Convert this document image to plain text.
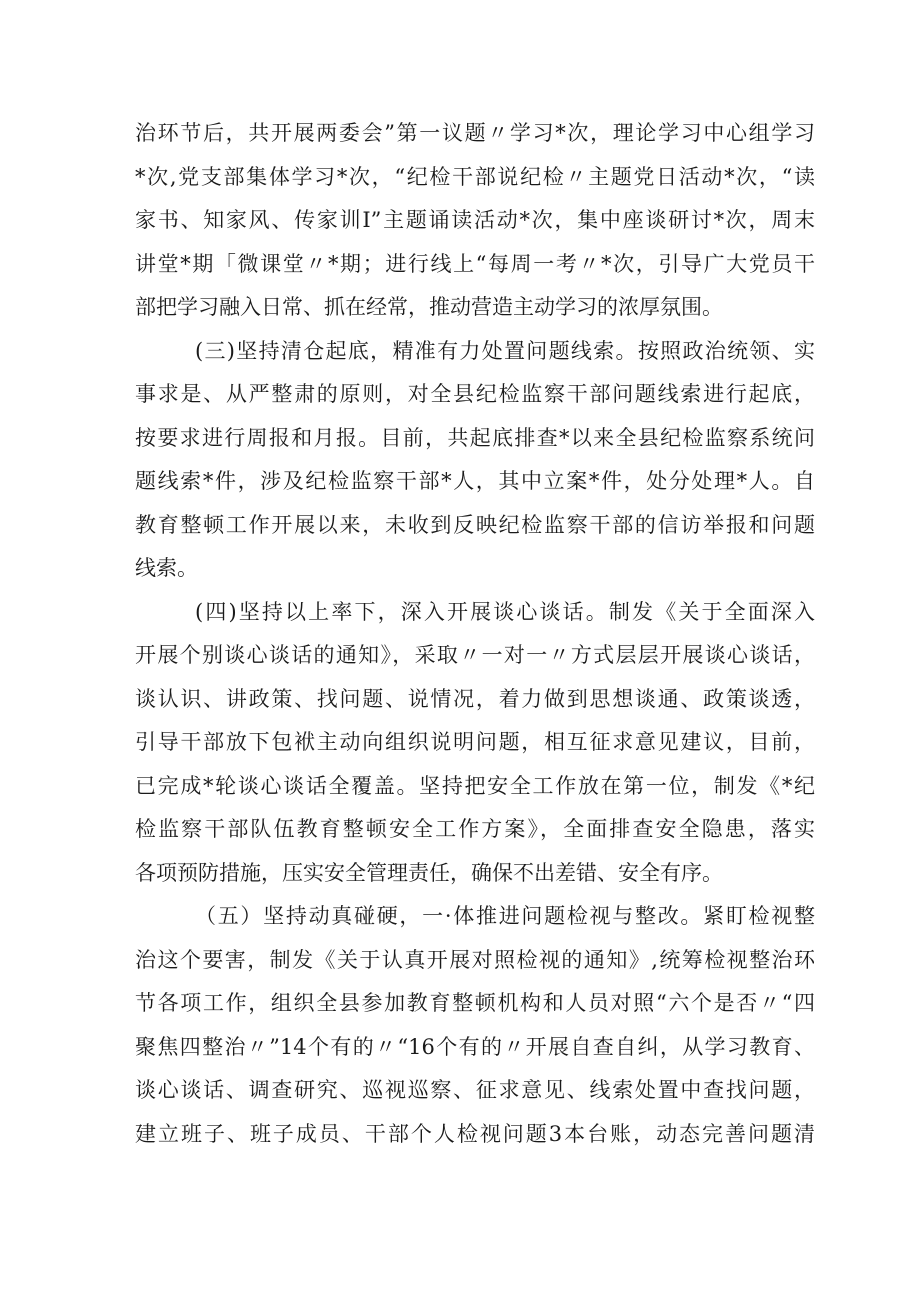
治环节后，共开展两委会”第一议题〃学习*次，理论学习中心组学习
*次,党支部集体学习*次，“纪检干部说纪检〃主题党日活动*次，“读
家书、知家风、传家训I”主题诵读活动*次，集中座谈研讨*次，周末
讲堂*期「微课堂〃*期；进行线上“每周一考〃*次，引导广大党员干
部把学习融入日常、抓在经常，推动营造主动学习的浓厚氛围。
(三)坚持清仓起底，精准有力处置问题线索。按照政治统领、实
事求是、从严整肃的原则，对全县纪检监察干部问题线索进行起底，
按要求进行周报和月报。目前，共起底排查*以来全县纪检监察系统问
题线索*件，涉及纪检监察干部*人，其中立案*件，处分处理*人。自
教育整顿工作开展以来，未收到反映纪检监察干部的信访举报和问题
线索。
(四)坚持以上率下，深入开展谈心谈话。制发《关于全面深入
开展个别谈心谈话的通知》，采取〃一对一〃方式层层开展谈心谈话，
谈认识、讲政策、找问题、说情况，着力做到思想谈通、政策谈透，
引导干部放下包袱主动向组织说明问题，相互征求意见建议，目前，
已完成*轮谈心谈话全覆盖。坚持把安全工作放在第一位，制发《*纪
检监察干部队伍教育整顿安全工作方案》，全面排查安全隐患，落实
各项预防措施，压实安全管理责任，确保不出差错、安全有序。
（五）坚持动真碰硬，一·体推进问题检视与整改。紧盯检视整
治这个要害，制发《关于认真开展对照检视的通知》,统筹检视整治环
节各项工作，组织全县参加教育整顿机构和人员对照“六个是否〃“四
聚焦四整治〃”14个有的〃“16个有的〃开展自查自纠，从学习教育、
谈心谈话、调查研究、巡视巡察、征求意见、线索处置中查找问题，
建立班子、班子成员、干部个人检视问题3本台账，动态完善问题清
